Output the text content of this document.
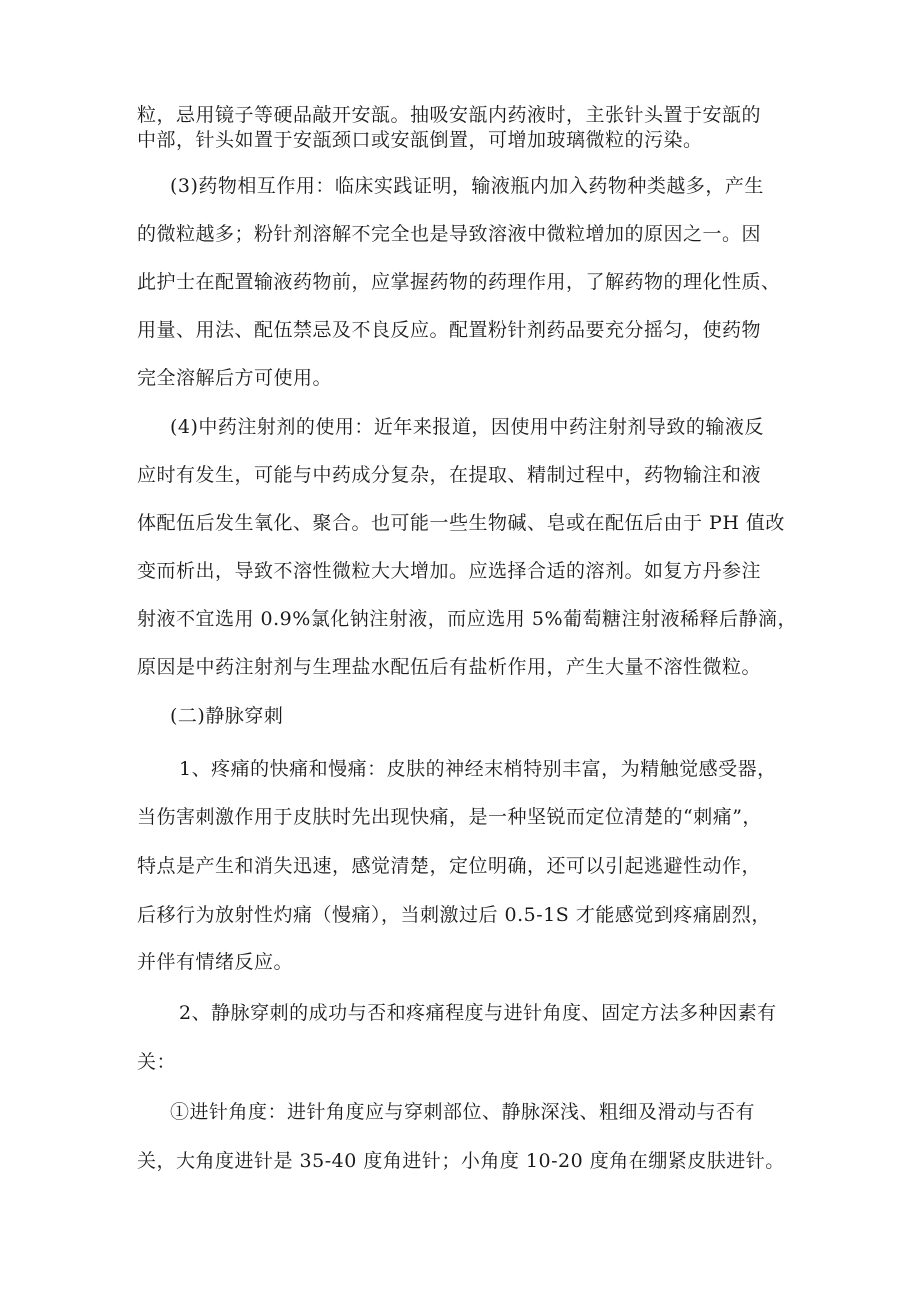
粒，忌用镜子等硬品敲开安瓿。抽吸安瓿内药液时，主张针头置于安瓿的
中部，针头如置于安瓿颈口或安瓿倒置，可增加玻璃微粒的污染。
(3)药物相互作用：临床实践证明，输液瓶内加入药物种类越多，产生
的微粒越多；粉针剂溶解不完全也是导致溶液中微粒增加的原因之一。因
此护士在配置输液药物前，应掌握药物的药理作用，了解药物的理化性质、
用量、用法、配伍禁忌及不良反应。配置粉针剂药品要充分摇匀，使药物
完全溶解后方可使用。
(4)中药注射剂的使用：近年来报道，因使用中药注射剂导致的输液反
应时有发生，可能与中药成分复杂，在提取、精制过程中，药物输注和液
体配伍后发生氧化、聚合。也可能一些生物碱、皂或在配伍后由于 PH 值改
变而析出，导致不溶性微粒大大增加。应选择合适的溶剂。如复方丹参注
射液不宜选用 0.9%氯化钠注射液，而应选用 5%葡萄糖注射液稀释后静滴，
原因是中药注射剂与生理盐水配伍后有盐析作用，产生大量不溶性微粒。
(二)静脉穿刺
1、疼痛的快痛和慢痛：皮肤的神经末梢特别丰富，为精触觉感受器，
当伤害刺激作用于皮肤时先出现快痛，是一种坚锐而定位清楚的“刺痛”，
特点是产生和消失迅速，感觉清楚，定位明确，还可以引起逃避性动作，
后移行为放射性灼痛（慢痛），当刺激过后 0.5-1S 才能感觉到疼痛剧烈，
并伴有情绪反应。
2、静脉穿刺的成功与否和疼痛程度与进针角度、固定方法多种因素有
关：
①进针角度：进针角度应与穿刺部位、静脉深浅、粗细及滑动与否有
关，大角度进针是 35-40 度角进针；小角度 10-20 度角在绷紧皮肤进针。
